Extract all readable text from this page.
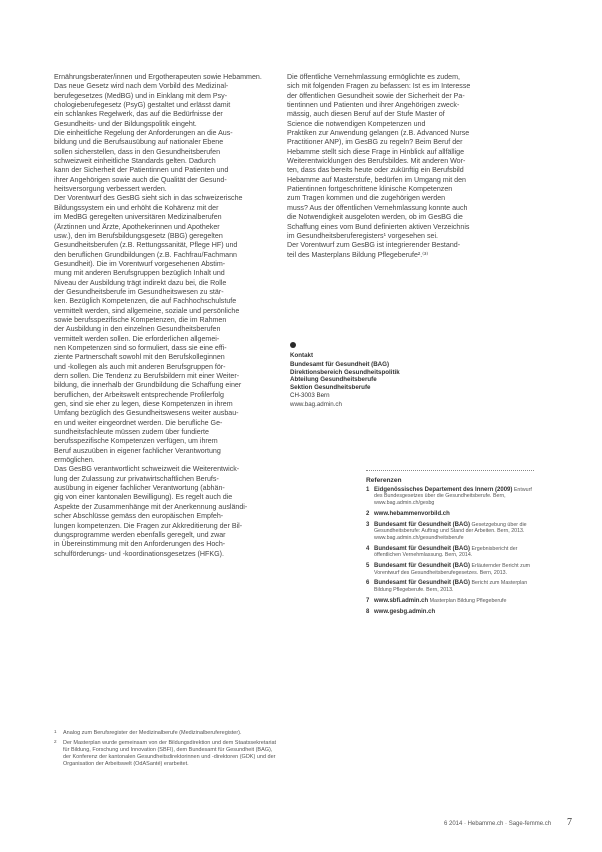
Ernährungsberater/innen und Ergotherapeuten sowie Hebammen.

Das neue Gesetz wird nach dem Vorbild des Medizinal-

berufegesetzes (MedBG) und in Einklang mit dem Psy-

chologieberufegesetz (PsyG) gestaltet und erlässt damit

ein schlankes Regelwerk, das auf die Bedürfnisse der

Gesundheits- und der Bildungspolitik eingeht.

Die einheitliche Regelung der Anforderungen an die Aus-

bildung und die Berufsausübung auf nationaler Ebene

sollen sicherstellen, dass in den Gesundheitsberufen

schweizweit einheitliche Standards gelten. Dadurch

kann der Sicherheit der Patientinnen und Patienten und

ihrer Angehörigen sowie auch die Qualität der Gesund-

heitsversorgung verbessert werden.

Der Vorentwurf des GesBG sieht sich in das schweizerische

Bildungssystem ein und erhöht die Kohärenz mit der

im MedBG geregelten universitären Medizinalberufen

(Ärztinnen und Ärzte, Apothekerinnen und Apotheker

usw.), den im Berufsbildungsgesetz (BBG) geregelten

Gesundheitsberufen (z.B. Rettungssanität, Pflege HF) und

den beruflichen Grundbildungen (z.B. Fachfrau/Fachmann

Gesundheit). Die im Vorentwurf vorgesehenen Abstim-

mung mit anderen Berufsgruppen bezüglich Inhalt und

Niveau der Ausbildung trägt indirekt dazu bei, die Rolle

der Gesundheitsberufe im Gesundheitswesen zu stär-

ken. Bezüglich Kompetenzen, die auf Fachhochschulstufe

vermittelt werden, sind allgemeine, soziale und persönliche

sowie berufsspezifische Kompetenzen, die im Rahmen

der Ausbildung in den einzelnen Gesundheitsberufen

vermittelt werden sollen. Die erforderlichen allgemei-

nen Kompetenzen sind so formuliert, dass sie eine effi-

ziente Partnerschaft sowohl mit den Berufskolleginnen

und -kollegen als auch mit anderen Berufsgruppen för-

dern sollen. Die Tendenz zu Berufsbildern mit einer Weiter-

bildung, die innerhalb der Grundbildung die Schaffung einer

beruflichen, der Arbeitswelt entsprechende Profilerfolg

gen, sind sie eher zu legen, diese Kompetenzen in ihrem

Umfang bezüglich des Gesundheitswesens weiter ausbau-

en und weiter eingeordnet werden. Die berufliche Ge-

sundheitsfachleute müssen zudem über fundierte

berufsspezifische Kompetenzen verfügen, um ihrem

Beruf auszuüben in eigener fachlicher Verantwortung

ermöglichen.

Das GesBG verantwortlicht schweizweit die Weiterentwick-

lung der Zulassung zur privatwirtschaftlichen Berufs-

ausübung in eigener fachlicher Verantwortung (abhän-

gig von einer kantonalen Bewilligung). Es regelt auch die

Aspekte der Zusammenhänge mit der Anerkennung ausländi-

scher Abschlüsse gemäss den europäischen Empfeh-

lungen kompetenzen. Die Fragen zur Akkreditierung der Bil-

dungsprogramme werden ebenfalls geregelt, und zwar

in Übereinstimmung mit den Anforderungen des Hoch-

schulförderungs- und -koordinationsgesetzes (HFKG).

Die öffentliche Vernehmlassung ermöglichte es zudem,

sich mit folgenden Fragen zu befassen: Ist es im Interesse

der öffentlichen Gesundheit sowie der Sicherheit der Pa-

tientinnen und Patienten und ihrer Angehörigen zweck-

mässig, auch diesen Beruf auf der Stufe Master of

Science die notwendigen Kompetenzen und

Praktiken zur Anwendung gelangen (z.B. Advanced Nurse

Practitioner ANP), im GesBG zu regeln? Beim Beruf der

Hebamme stellt sich diese Frage in Hinblick auf allfällige

Weiterentwicklungen des Berufsbildes. Mit anderen Wor-

ten, dass das bereits heute oder zukünftig ein Berufsbild

Hebamme auf Masterstufe, bedürfen im Umgang mit den

Patientinnen fortgeschrittene klinische Kompetenzen

zum Tragen kommen und die zugehörigen werden

muss? Aus der öffentlichen Vernehmlassung konnte auch

die Notwendigkeit ausgeloten werden, ob im GesBG die

Schaffung eines vom Bund definierten aktiven Verzeichnis

im Gesundheitsberuferegisters¹ vorgesehen sei.

Der Vorentwurf zum GesBG ist integrierender Bestand-

teil des Masterplans Bildung Pflegeberufe².⁽³⁾

Kontakt
Bundesamt für Gesundheit (BAG)
Direktionsbereich Gesundheitspolitik
Abteilung Gesundheitsberufe
Sektion Gesundheitsberufe
CH-3003 Bern
www.bag.admin.ch
Referenzen
1 Eidgenössisches Departement des Innern (2009) Entwurf des Bundesgesetzes über die Gesundheitsberufe. Bern, www.bag.admin.ch/gesbg
2 www.hebammenvorbild.ch
3 Bundesamt für Gesundheit (BAG) Gesetzgebung über die Gesundheitsberufe: Auftrag und Stand der Arbeiten. Bern, 2013. www.bag.admin.ch/gesundheitsberufe
4 Bundesamt für Gesundheit (BAG) Ergebnisbericht der öffentlichen Vernehmlassung. Bern, 2014.
5 Bundesamt für Gesundheit (BAG) Erläuternder Bericht zum Vorentwurf des Gesundheitsberufegesetzes. Bern, 2013.
6 Bundesamt für Gesundheit (BAG) Bericht zum Masterplan Bildung Pflegeberufe. Bern, 2013.
7 www.sbfi.admin.ch Masterplan Bildung Pflegeberufe
8 www.gesbg.admin.ch
1 Analog zum Berufsregister der Medizinalberufe (Medizinalberuferegister).
2 Der Masterplan wurde gemeinsam von der Bildungsdirektion und dem Staatssekretariat für Bildung, Forschung und Innovation (SBFI), dem Bundesamt für Gesundheit (BAG), der Konferenz der kantonalen Gesundheitsdirektorinnen und -direktoren (GDK) und der Organisation der Arbeitswelt (OdASanté) erarbeitet.
6 2014 · Hebamme.ch · Sage-femme.ch 7
